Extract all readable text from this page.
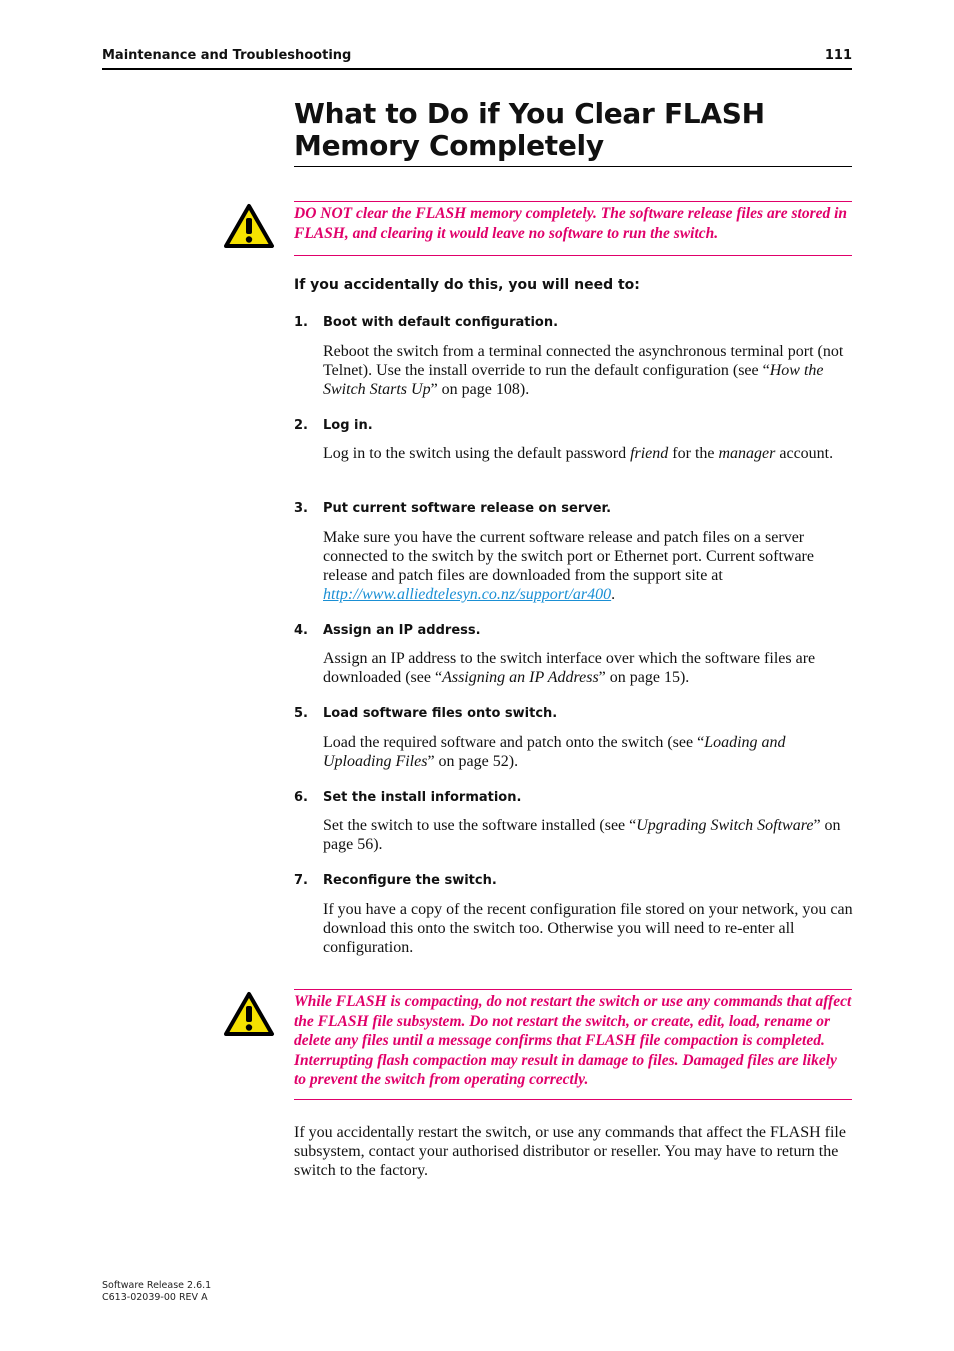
Maintenance and Troubleshooting	111
What to Do if You Clear FLASH Memory Completely
DO NOT clear the FLASH memory completely. The software release files are stored in FLASH, and clearing it would leave no software to run the switch.
If you accidentally do this, you will need to:
1. Boot with default configuration.
Reboot the switch from a terminal connected the asynchronous terminal port (not Telnet). Use the install override to run the default configuration (see “How the Switch Starts Up” on page 108).
2. Log in.
Log in to the switch using the default password friend for the manager account.
3. Put current software release on server.
Make sure you have the current software release and patch files on a server connected to the switch by the switch port or Ethernet port. Current software release and patch files are downloaded from the support site at http://www.alliedtelesyn.co.nz/support/ar400.
4. Assign an IP address.
Assign an IP address to the switch interface over which the software files are downloaded (see “Assigning an IP Address” on page 15).
5. Load software files onto switch.
Load the required software and patch onto the switch (see “Loading and Uploading Files” on page 52).
6. Set the install information.
Set the switch to use the software installed (see “Upgrading Switch Software” on page 56).
7. Reconfigure the switch.
If you have a copy of the recent configuration file stored on your network, you can download this onto the switch too. Otherwise you will need to re-enter all configuration.
While FLASH is compacting, do not restart the switch or use any commands that affect the FLASH file subsystem. Do not restart the switch, or create, edit, load, rename or delete any files until a message confirms that FLASH file compaction is completed. Interrupting flash compaction may result in damage to files. Damaged files are likely to prevent the switch from operating correctly.
If you accidentally restart the switch, or use any commands that affect the FLASH file subsystem, contact your authorised distributor or reseller. You may have to return the switch to the factory.
Software Release 2.6.1
C613-02039-00 REV A
